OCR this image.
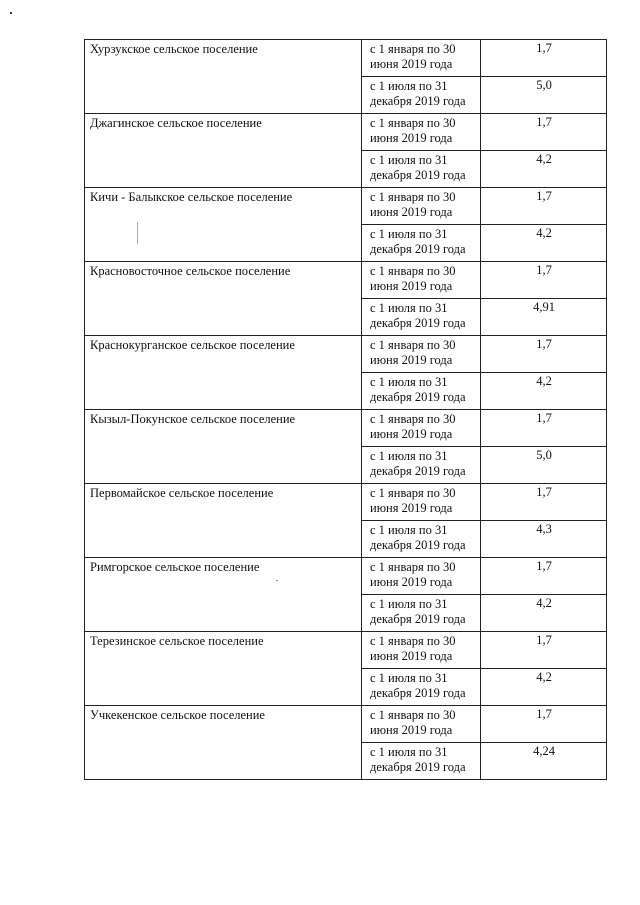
Хурзукское сельское поселение	с 1 января по 30
июня 2019 года	1,7

	с 1 июля по 31
декабря 2019 года	5,0
Джагинское сельское поселение	с 1 января по 30
июня 2019 года	1,7

	с 1 июля по 31
декабря 2019 года	4,2
Кичи - Балыкское сельское поселение	с 1 января по 30
июня 2019 года	1,7

	с 1 июля по 31
декабря 2019 года	4,2
Красновосточное сельское поселение	с 1 января по 30
июня 2019 года	1,7

	с 1 июля по 31
декабря 2019 года	4,91
Краснокурганское сельское поселение	с 1 января по 30
июня 2019 года	1,7

	с 1 июля по 31
декабря 2019 года	4,2
Кызыл-Покунское сельское поселение	с 1 января по 30
июня 2019 года	1,7

	с 1 июля по 31
декабря 2019 года	5,0
Первомайское сельское поселение	с 1 января по 30
июня 2019 года	1,7

	с 1 июля по 31
декабря 2019 года	4,3
Римгорское сельское поселение	с 1 января по 30
июня 2019 года	1,7

	с 1 июля по 31
декабря 2019 года	4,2
Терезинское сельское поселение	с 1 января по 30
июня 2019 года	1,7

	с 1 июля по 31
декабря 2019 года	4,2
Учкекенское сельское поселение	с 1 января по 30
июня 2019 года	1,7

	с 1 июля по 31
декабря 2019 года	4,24
